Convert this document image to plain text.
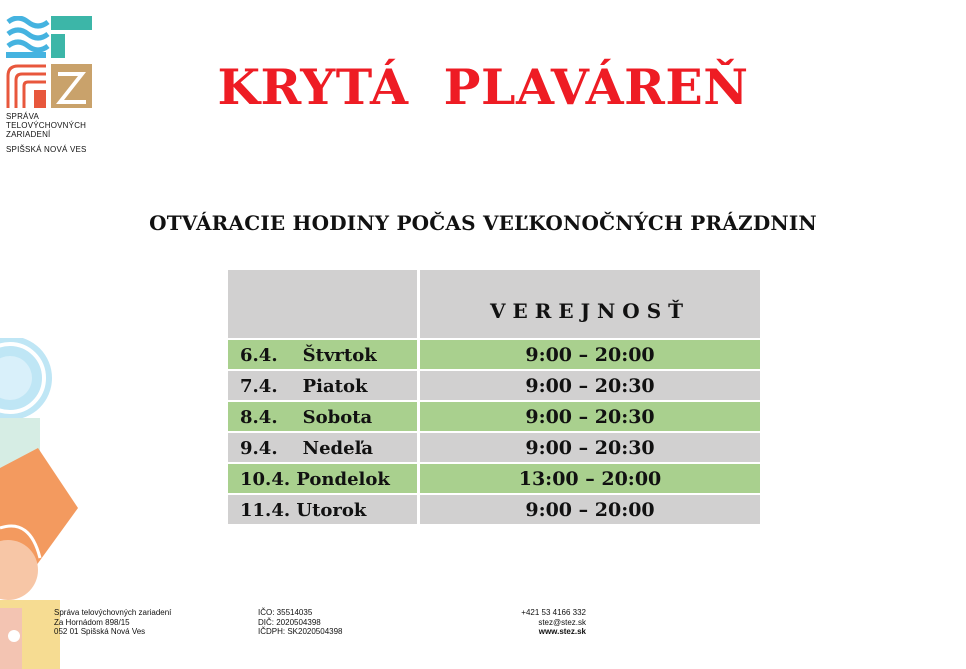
SPRÁVA
TELOVÝCHOVNÝCH
ZARIADENÍ
SPIŠSKÁ NOVÁ VES
KRYTÁ  PLAVÁREŇ
OTVÁRACIE HODINY POČAS VEĽKONOČNÝCH PRÁZDNIN
VEREJNOSŤ
6.4.    Štvrtok	9:00 – 20:00
7.4.    Piatok	9:00 – 20:30
8.4.    Sobota	9:00 – 20:30
9.4.    Nedeľa	9:00 – 20:30
10.4. Pondelok	13:00 – 20:00
11.4. Utorok	9:00 – 20:00
Správa telovýchovných zariadení
Za Hornádom 898/15
052 01 Spišská Nová Ves
IČO: 35514035
DIČ: 2020504398
IČDPH: SK2020504398
+421 53 4166 332
stez@stez.sk
www.stez.sk
